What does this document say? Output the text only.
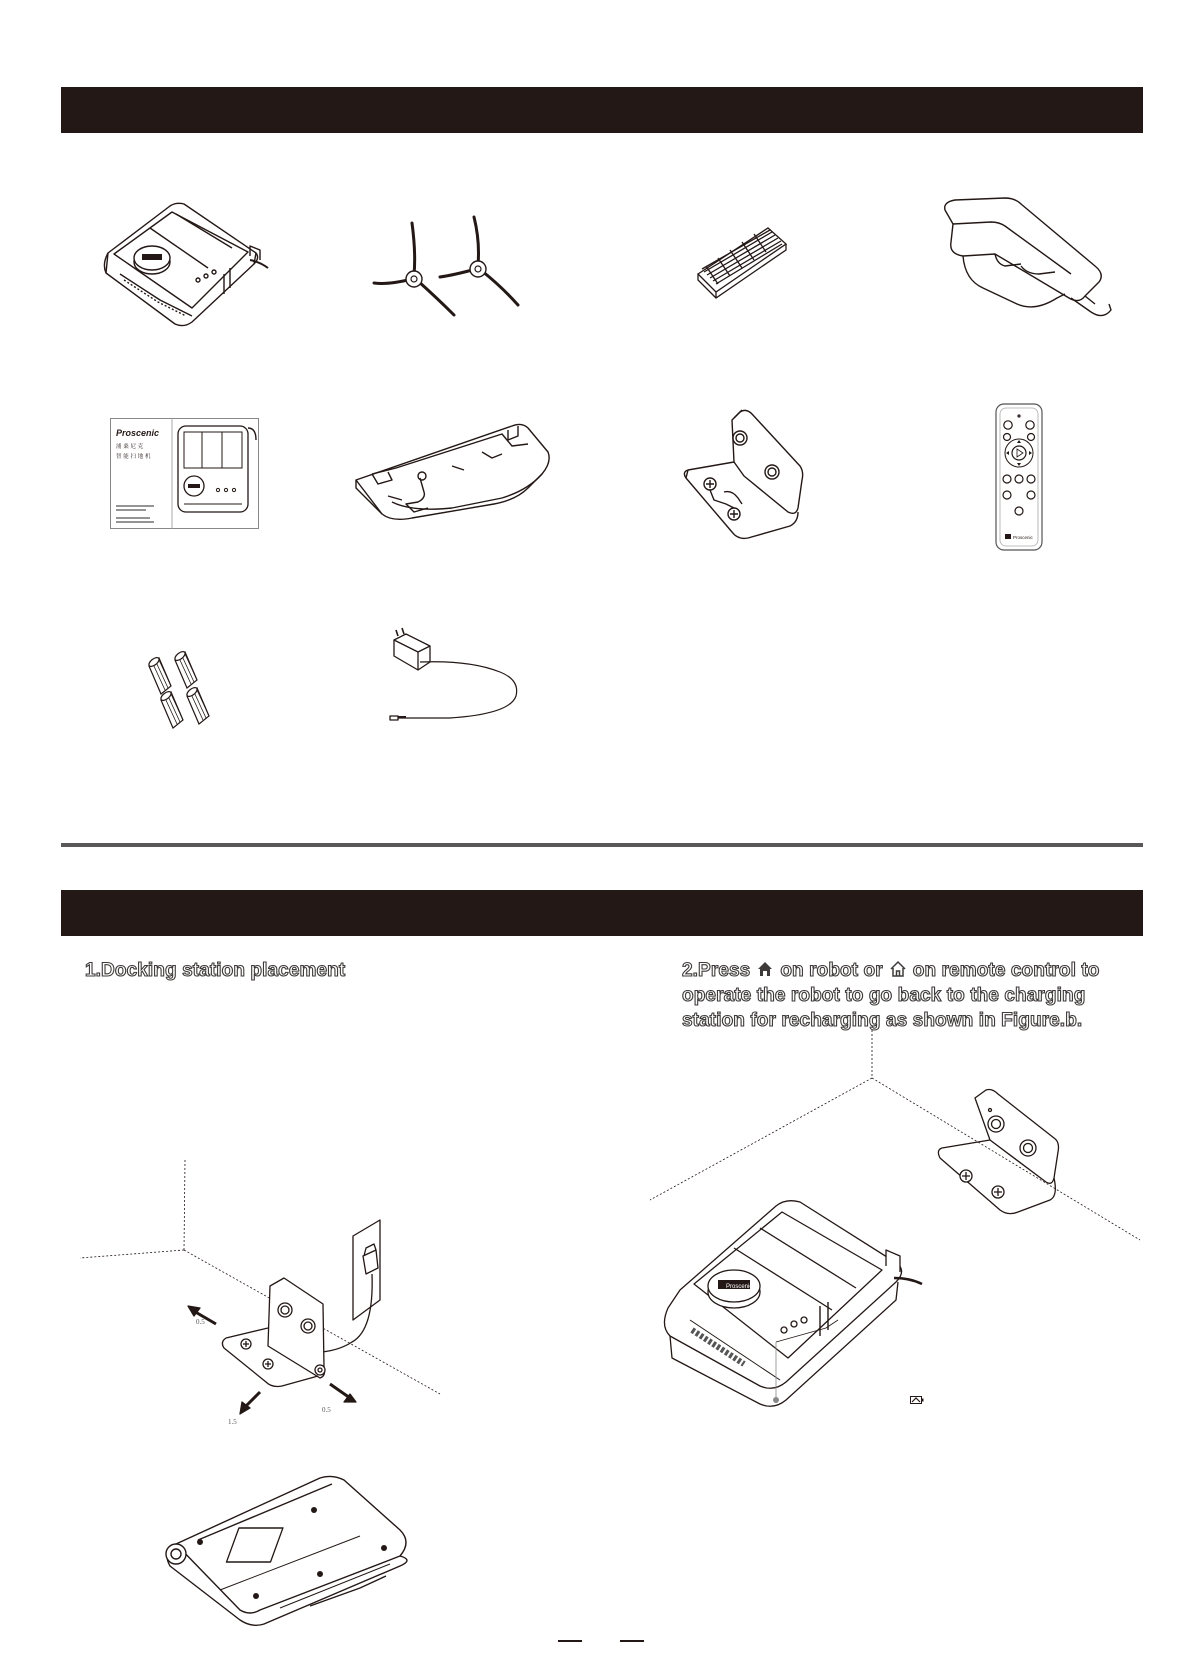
Proscenic
浦 桑 尼 克
智 能 扫 地 机
Proscenic
1.Docking station placement	2.Press on robot or on remote control to
operate the robot to go back to the charging
station for recharging as shown in Figure.b.
0.5
1.5
0.5
Proscenic
